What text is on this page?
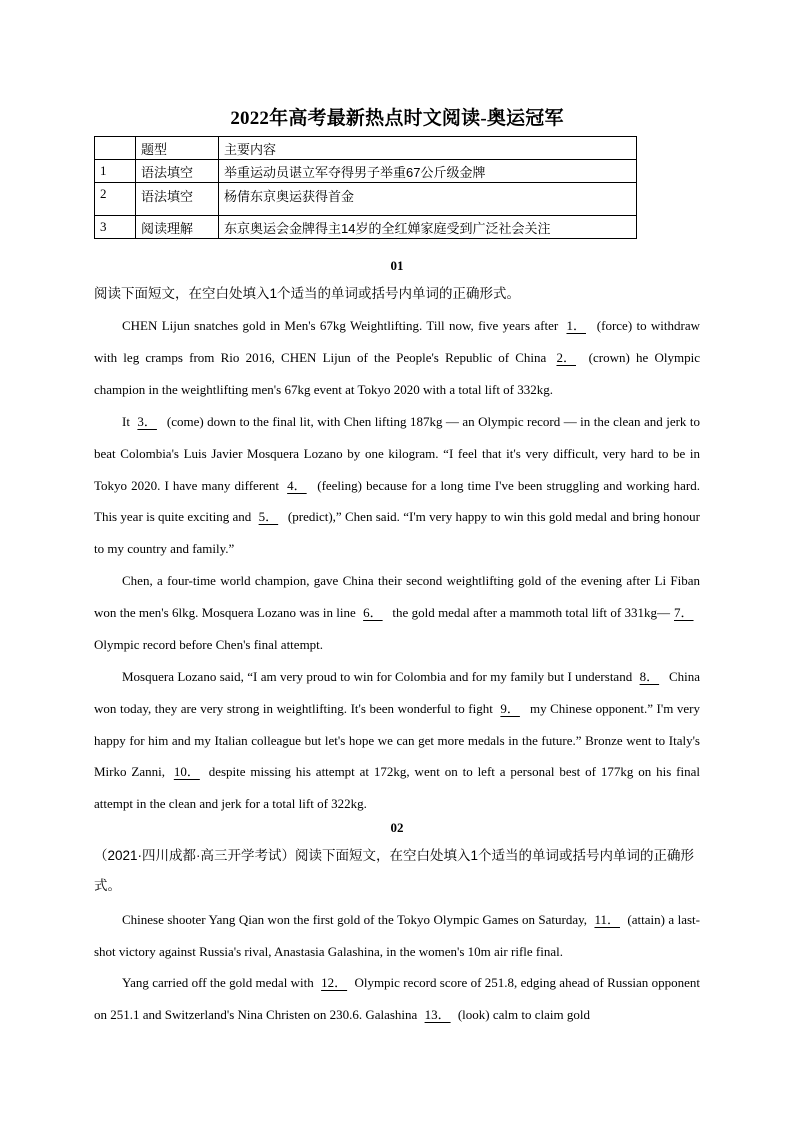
2022年高考最新热点时文阅读-奥运冠军
	题型	主要内容
1	语法填空	举重运动员谌立军夺得男子举重67公斤级金牌
2	语法填空	杨倩东京奥运获得首金
3	阅读理解	东京奥运会金牌得主14岁的全红婵家庭受到广泛社会关注
01
阅读下面短文，在空白处填入1个适当的单词或括号内单词的正确形式。
CHEN Lijun snatches gold in Men's 67kg Weightlifting. Till now, five years after 1． (force) to withdraw with leg cramps from Rio 2016, CHEN Lijun of the People's Republic of China 2． (crown) he Olympic champion in the weightlifting men's 67kg event at Tokyo 2020 with a total lift of 332kg.
It 3． (come) down to the final lit, with Chen lifting 187kg — an Olympic record — in the clean and jerk to beat Colombia's Luis Javier Mosquera Lozano by one kilogram. “I feel that it's very difficult, very hard to be in Tokyo 2020. I have many different 4． (feeling) because for a long time I've been struggling and working hard. This year is quite exciting and 5． (predict),” Chen said. “I'm very happy to win this gold medal and bring honour to my country and family.”
Chen, a four-time world champion, gave China their second weightlifting gold of the evening after Li Fiban won the men's 6lkg. Mosquera Lozano was in line 6． the gold medal after a mammoth total lift of 331kg— 7． Olympic record before Chen's final attempt.
Mosquera Lozano said, “I am very proud to win for Colombia and for my family but I understand 8． China won today, they are very strong in weightlifting. It's been wonderful to fight 9． my Chinese opponent.” I'm very happy for him and my Italian colleague but let's hope we can get more medals in the future.” Bronze went to Italy's Mirko Zanni, 10． despite missing his attempt at 172kg, went on to left a personal best of 177kg on his final attempt in the clean and jerk for a total lift of 322kg.
02
（2021·四川成都·高三开学考试）阅读下面短文，在空白处填入1个适当的单词或括号内单词的正确形式。
Chinese shooter Yang Qian won the first gold of the Tokyo Olympic Games on Saturday, 11． (attain) a last-shot victory against Russia's rival, Anastasia Galashina, in the women's 10m air rifle final.
Yang carried off the gold medal with 12． Olympic record score of 251.8, edging ahead of Russian opponent on 251.1 and Switzerland's Nina Christen on 230.6. Galashina 13． (look) calm to claim gold
